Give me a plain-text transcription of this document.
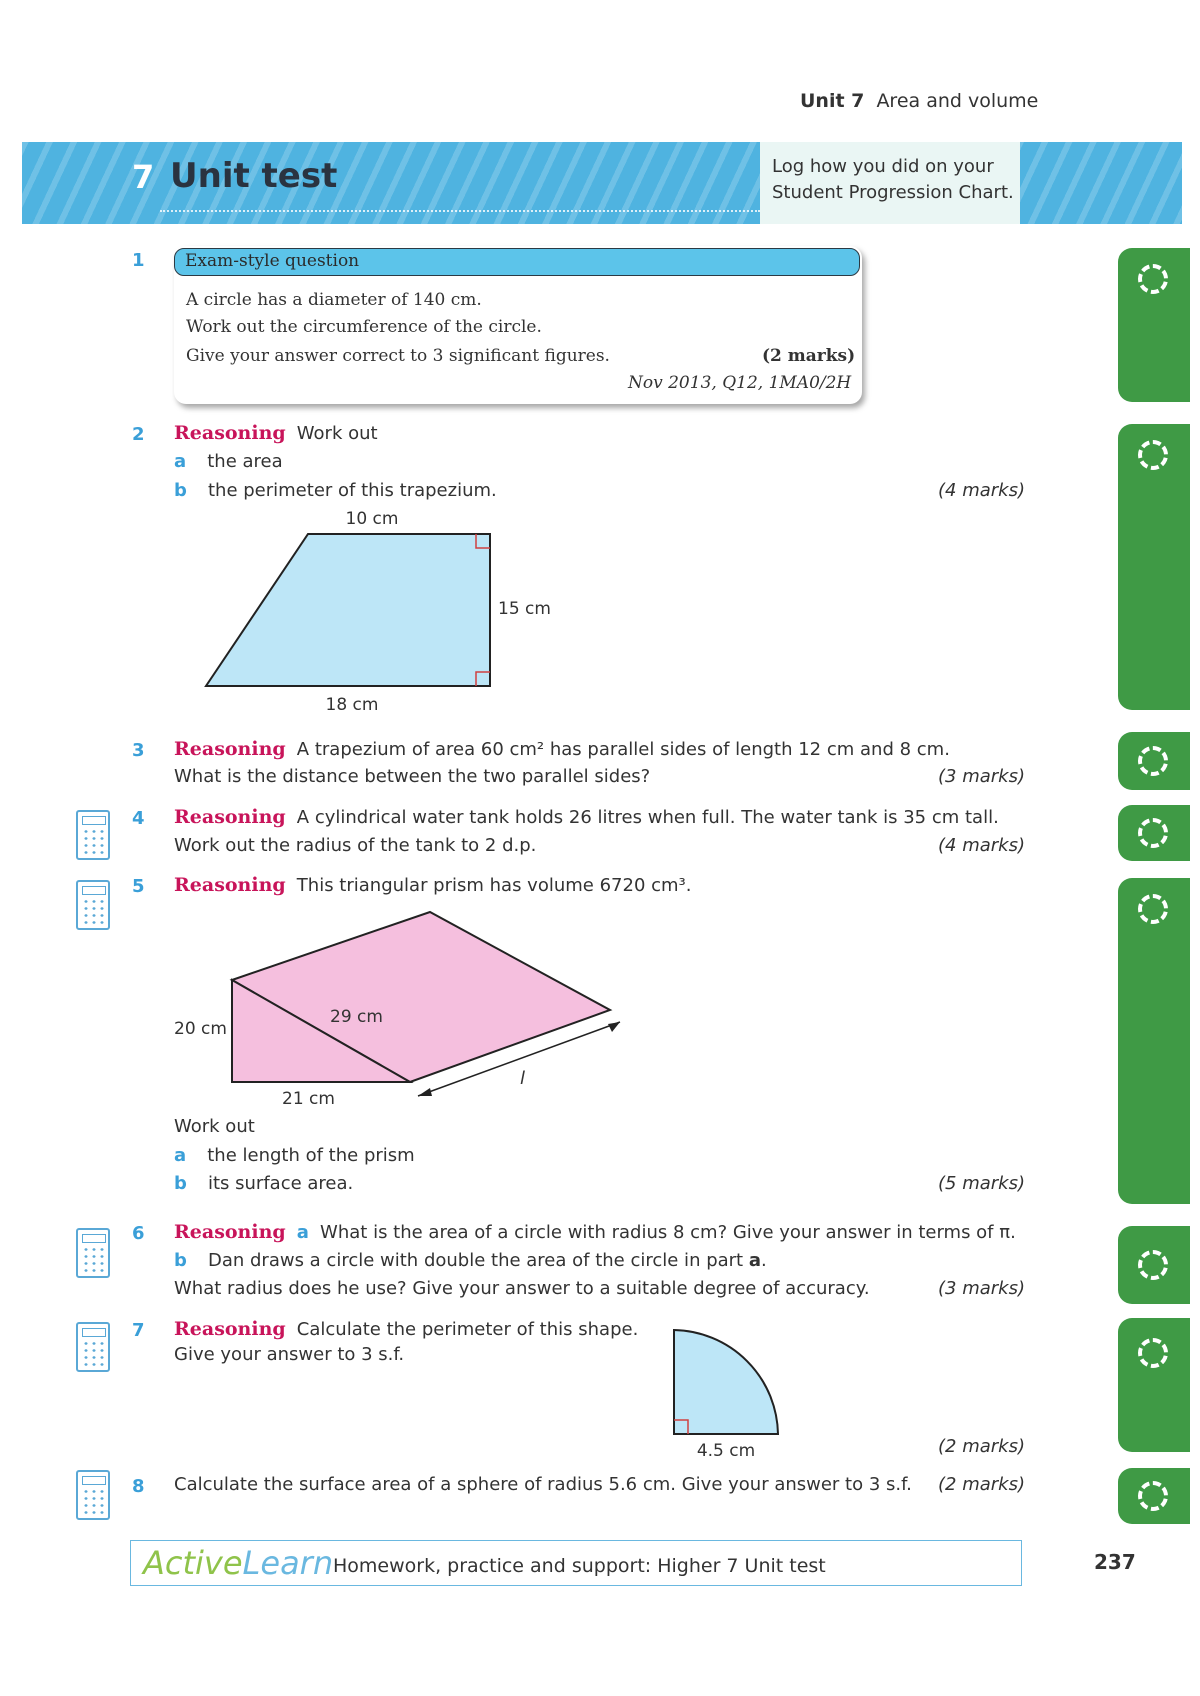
Unit 7 Area and volume
7 Unit test	Log how you did on your
Student Progression Chart.
1	Exam-style question
A circle has a diameter of 140 cm.
Work out the circumference of the circle.
Give your answer correct to 3 significant figures.	(2 marks)
Nov 2013, Q12, 1MA0/2H
2 Reasoning Work out
a the area
b the perimeter of this trapezium.	(4 marks)
10 cm
15 cm
18 cm
3 Reasoning A trapezium of area 60 cm² has parallel sides of length 12 cm and 8 cm.
What is the distance between the two parallel sides?	(3 marks)
4 Reasoning A cylindrical water tank holds 26 litres when full. The water tank is 35 cm tall.
Work out the radius of the tank to 2 d.p.	(4 marks)
5 Reasoning This triangular prism has volume 6720 cm³.
20 cm
29 cm
21 cm
l
Work out
a the length of the prism
b its surface area.	(5 marks)
6 Reasoning a What is the area of a circle with radius 8 cm? Give your answer in terms of π.
b Dan draws a circle with double the area of the circle in part a.
What radius does he use? Give your answer to a suitable degree of accuracy.	(3 marks)
7 Reasoning Calculate the perimeter of this shape.
Give your answer to 3 s.f.
4.5 cm	(2 marks)
8 Calculate the surface area of a sphere of radius 5.6 cm. Give your answer to 3 s.f. (2 marks)
ActiveLearn Homework, practice and support: Higher 7 Unit test	237
